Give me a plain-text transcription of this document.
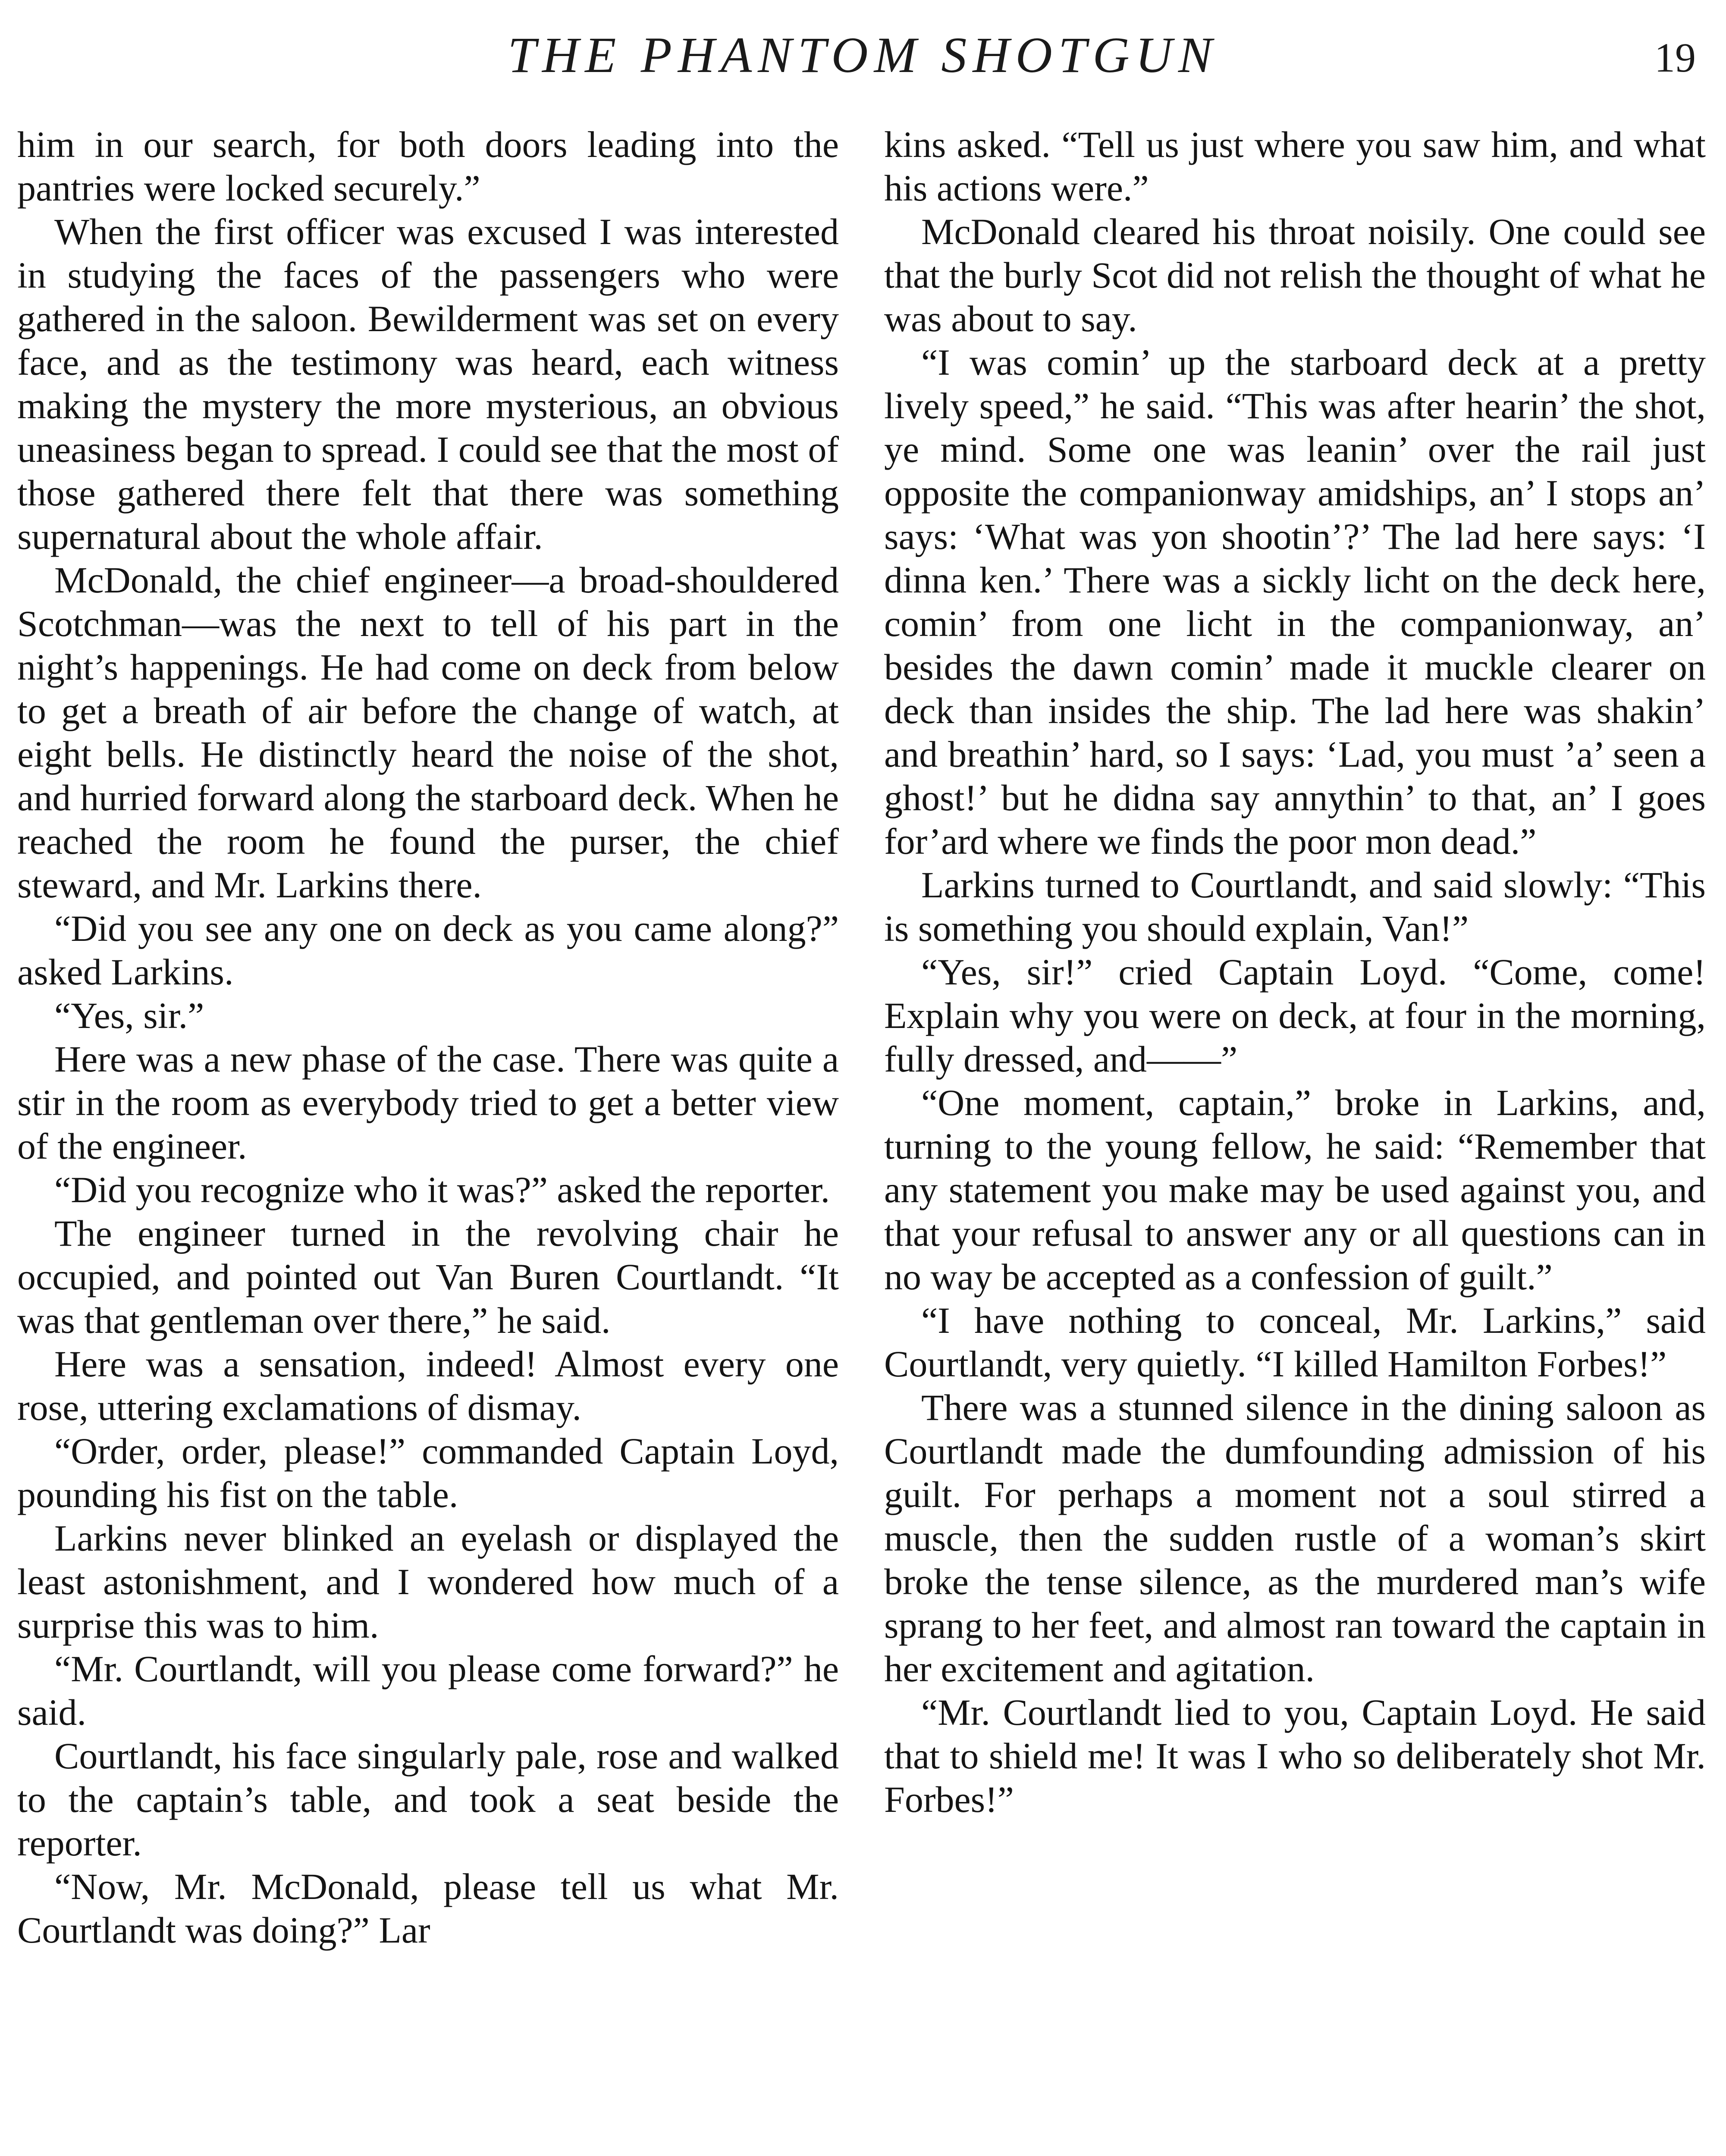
THE PHANTOM SHOTGUN	19

him in our search, for both doors leading into the pantries were locked securely.”

When the first officer was excused I was interested in studying the faces of the passengers who were gathered in the saloon. Bewilderment was set on every face, and as the testimony was heard, each witness making the mystery the more mysterious, an obvious uneasiness began to spread. I could see that the most of those gathered there felt that there was something supernatural about the whole affair.

McDonald, the chief engineer—a broad-shouldered Scotchman—was the next to tell of his part in the night’s happenings. He had come on deck from below to get a breath of air before the change of watch, at eight bells. He distinctly heard the noise of the shot, and hurried forward along the starboard deck. When he reached the room he found the purser, the chief steward, and Mr. Larkins there.

“Did you see any one on deck as you came along?” asked Larkins.

“Yes, sir.”

Here was a new phase of the case. There was quite a stir in the room as everybody tried to get a better view of the engineer.

“Did you recognize who it was?” asked the reporter.

The engineer turned in the revolving chair he occupied, and pointed out Van Buren Courtlandt. “It was that gentleman over there,” he said.

Here was a sensation, indeed! Almost every one rose, uttering exclamations of dismay.

“Order, order, please!” commanded Captain Loyd, pounding his fist on the table.

Larkins never blinked an eyelash or displayed the least astonishment, and I wondered how much of a surprise this was to him.

“Mr. Courtlandt, will you please come forward?” he said.

Courtlandt, his face singularly pale, rose and walked to the captain’s table, and took a seat beside the reporter.

“Now, Mr. McDonald, please tell us what Mr. Courtlandt was doing?” Lar

kins asked. “Tell us just where you saw him, and what his actions were.”

McDonald cleared his throat noisily. One could see that the burly Scot did not relish the thought of what he was about to say.

“I was comin’ up the starboard deck at a pretty lively speed,” he said. “This was after hearin’ the shot, ye mind. Some one was leanin’ over the rail just opposite the companionway amidships, an’ I stops an’ says: ‘What was yon shootin’?’ The lad here says: ‘I dinna ken.’ There was a sickly licht on the deck here, comin’ from one licht in the companionway, an’ besides the dawn comin’ made it muckle clearer on deck than insides the ship. The lad here was shakin’ and breathin’ hard, so I says: ‘Lad, you must ’a’ seen a ghost!’ but he didna say annythin’ to that, an’ I goes for’ard where we finds the poor mon dead.”

Larkins turned to Courtlandt, and said slowly: “This is something you should explain, Van!”

“Yes, sir!” cried Captain Loyd. “Come, come! Explain why you were on deck, at four in the morning, fully dressed, and——”

“One moment, captain,” broke in Larkins, and, turning to the young fellow, he said: “Remember that any statement you make may be used against you, and that your refusal to answer any or all questions can in no way be accepted as a confession of guilt.”

“I have nothing to conceal, Mr. Larkins,” said Courtlandt, very quietly. “I killed Hamilton Forbes!”

There was a stunned silence in the dining saloon as Courtlandt made the dumfounding admission of his guilt. For perhaps a moment not a soul stirred a muscle, then the sudden rustle of a woman’s skirt broke the tense silence, as the murdered man’s wife sprang to her feet, and almost ran toward the captain in her excitement and agitation.

“Mr. Courtlandt lied to you, Captain Loyd. He said that to shield me! It was I who so deliberately shot Mr. Forbes!”
